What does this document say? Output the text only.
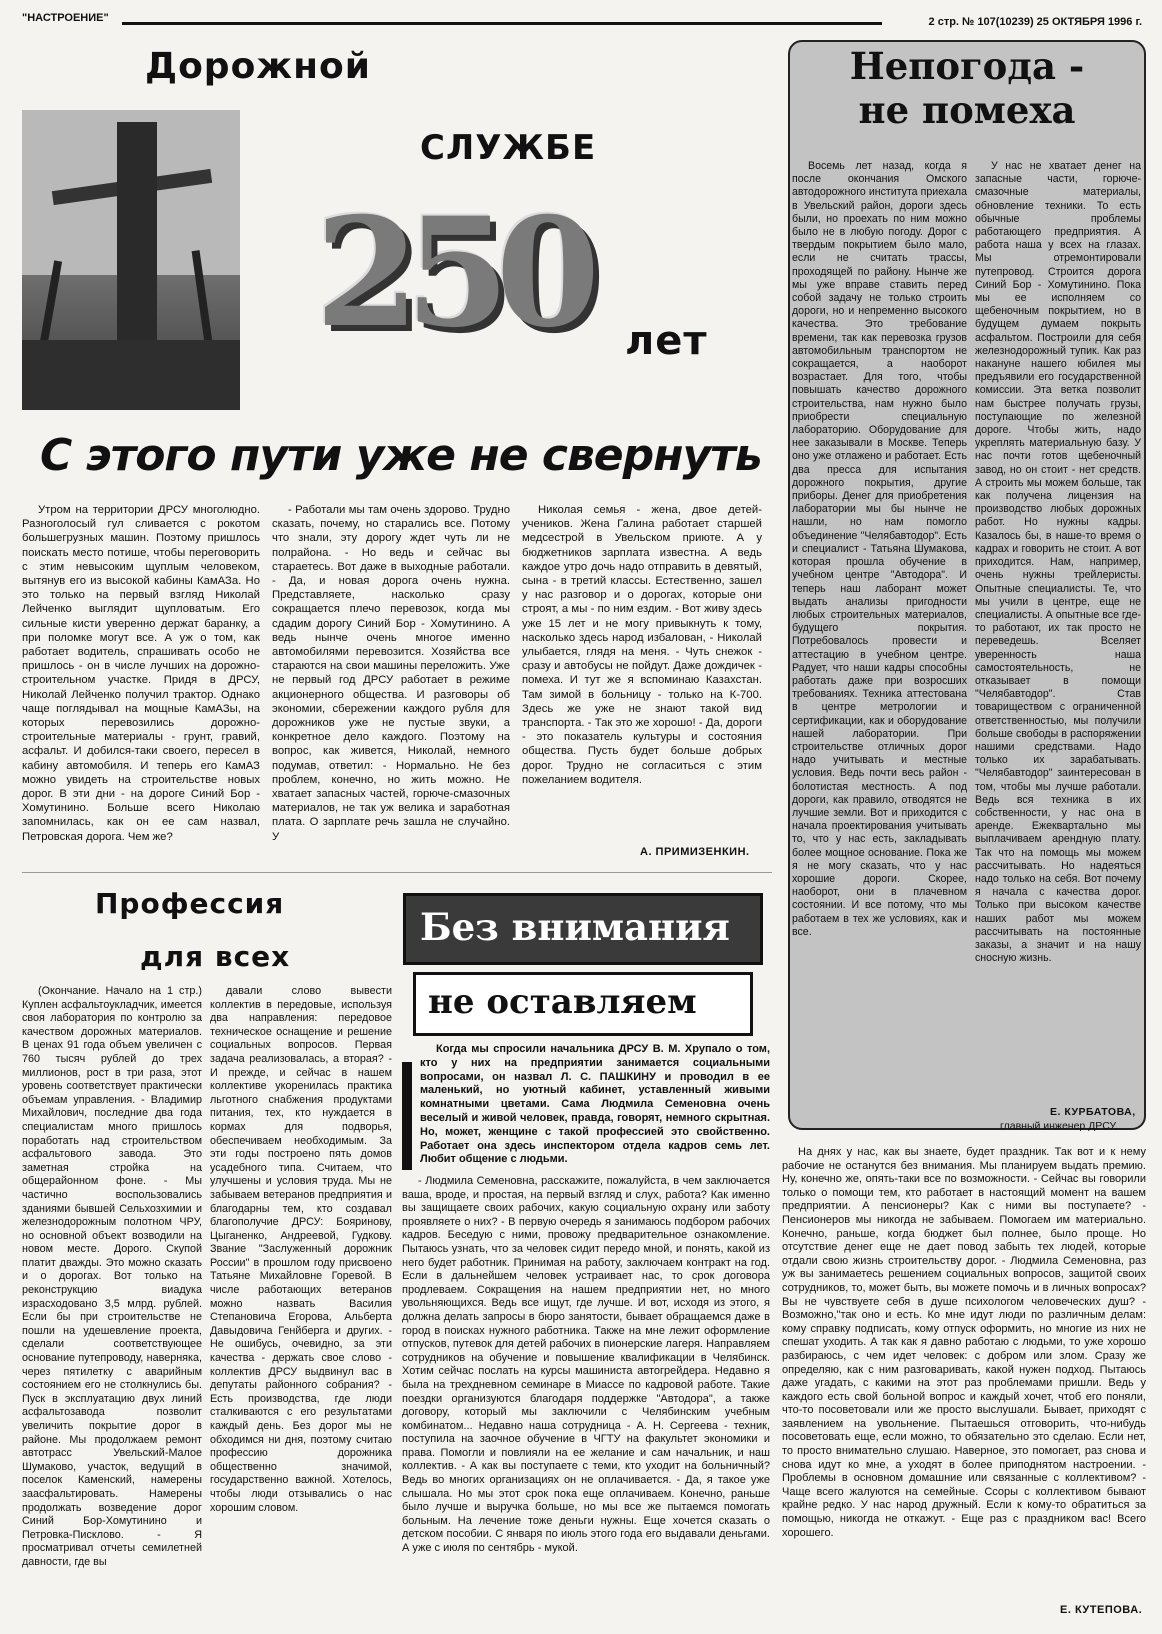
"НАСТРОЕНИЕ"	2 стр. № 107(10239) 25 ОКТЯБРЯ 1996 г.
Дорожной
СЛУЖБЕ
250 лет
С этого пути уже не свернуть

Утром на территории ДРСУ многолюдно. Разноголосый гул сливается с рокотом большегрузных машин. Поэтому пришлось поискать место потише, чтобы переговорить с этим невысоким щуплым человеком, вытянув его из высокой кабины КамАЗа. Но это только на первый взгляд Николай Лейченко выглядит щупловатым. Его сильные кисти уверенно держат баранку, а при поломке могут все. А уж о том, как работает водитель, спрашивать особо не пришлось - он в числе лучших на дорожно-строительном участке. Придя в ДРСУ, Николай Лейченко получил трактор. Однако чаще поглядывал на мощные КамАЗы, на которых перевозились дорожно-строительные материалы - грунт, гравий, асфальт. И добился-таки своего, пересел в кабину автомобиля. И теперь его КамАЗ можно увидеть на строительстве новых дорог. В эти дни - на дороге Синий Бор - Хомутинино. Больше всего Николаю запомнилась, как он ее сам назвал, Петровская дорога. Чем же?

- Работали мы там очень здорово. Трудно сказать, почему, но старались все. Потому что знали, эту дорогу ждет чуть ли не полрайона. - Но ведь и сейчас вы стараетесь. Вот даже в выходные работали. - Да, и новая дорога очень нужна. Представляете, насколько сразу сокращается плечо перевозок, когда мы сдадим дорогу Синий Бор - Хомутинино. А ведь нынче очень многое именно автомобилями перевозится. Хозяйства все стараются на свои машины переложить. Уже не первый год ДРСУ работает в режиме акционерного общества. И разговоры об экономии, сбережении каждого рубля для дорожников уже не пустые звуки, а конкретное дело каждого. Поэтому на вопрос, как живется, Николай, немного подумав, ответил: - Нормально. Не без проблем, конечно, но жить можно. Не хватает запасных частей, горюче-смазочных материалов, не так уж велика и заработная плата. О зарплате речь зашла не случайно. У

Николая семья - жена, двое детей-учеников. Жена Галина работает старшей медсестрой в Увельском приюте. А у бюджетников зарплата известна. А ведь каждое утро дочь надо отправить в девятый, сына - в третий классы. Естественно, зашел у нас разговор и о дорогах, которые они строят, а мы - по ним ездим. - Вот живу здесь уже 15 лет и не могу привыкнуть к тому, насколько здесь народ избалован, - Николай улыбается, глядя на меня. - Чуть снежок - сразу и автобусы не пойдут. Даже дождичек - помеха. И тут же я вспоминаю Казахстан. Там зимой в больницу - только на К-700. Здесь же уже не знают такой вид транспорта. - Так это же хорошо! - Да, дороги - это показатель культуры и состояния общества. Пусть будет больше добрых дорог. Трудно не согласиться с этим пожеланием водителя.

А. ПРИМИЗЕНКИН.
Непогода -
не помеха

Восемь лет назад, когда я после окончания Омского автодорожного института приехала в Увельский район, дороги здесь были, но проехать по ним можно было не в любую погоду. Дорог с твердым покрытием было мало, если не считать трассы, проходящей по району. Нынче же мы уже вправе ставить перед собой задачу не только строить дороги, но и непременно высокого качества. Это требование времени, так как перевозка грузов автомобильным транспортом не сокращается, а наоборот возрастает. Для того, чтобы повышать качество дорожного строительства, нам нужно было приобрести специальную лабораторию. Оборудование для нее заказывали в Москве. Теперь оно уже отлажено и работает. Есть два пресса для испытания дорожного покрытия, другие приборы. Денег для приобретения лаборатории мы бы нынче не нашли, но нам помогло объединение "Челябавтодор". Есть и специалист - Татьяна Шумакова, которая прошла обучение в учебном центре "Автодора". И теперь наш лаборант может выдать анализы пригодности любых строительных материалов, будущего покрытия. Потребовалось провести и аттестацию в учебном центре. Радует, что наши кадры способны работать даже при возросших требованиях. Техника аттестована в центре метрологии и сертификации, как и оборудование нашей лаборатории. При строительстве отличных дорог надо учитывать и местные условия. Ведь почти весь район - болотистая местность. А под дороги, как правило, отводятся не лучшие земли. Вот и приходится с начала проектирования учитывать то, что у нас есть, закладывать более мощное основание. Пока же я не могу сказать, что у нас хорошие дороги. Скорее, наоборот, они в плачевном состоянии. И все потому, что мы работаем в тех же условиях, как и все.

У нас не хватает денег на запасные части, горюче-смазочные материалы, обновление техники. То есть обычные проблемы работающего предприятия. А работа наша у всех на глазах. Мы отремонтировали путепровод. Строится дорога Синий Бор - Хомутинино. Пока мы ее исполняем со щебеночным покрытием, но в будущем думаем покрыть асфальтом. Построили для себя железнодорожный тупик. Как раз накануне нашего юбилея мы предъявили его государственной комиссии. Эта ветка позволит нам быстрее получать грузы, поступающие по железной дороге. Чтобы жить, надо укреплять материальную базу. У нас почти готов щебеночный завод, но он стоит - нет средств. А строить мы можем больше, так как получена лицензия на производство любых дорожных работ. Но нужны кадры. Казалось бы, в наше-то время о кадрах и говорить не стоит. А вот приходится. Нам, например, очень нужны трейлеристы. Опытные специалисты. Те, что мы учили в центре, еще не специалисты. А опытные все где-то работают, их так просто не переведешь. Вселяет уверенность наша самостоятельность, не отказывает в помощи "Челябавтодор". Став товариществом с ограниченной ответственностью, мы получили больше свободы в распоряжении нашими средствами. Надо только их зарабатывать. "Челябавтодор" заинтересован в том, чтобы мы лучше работали. Ведь вся техника в их собственности, у нас она в аренде. Ежеквартально мы выплачиваем арендную плату. Так что на помощь мы можем рассчитывать. Но надеяться надо только на себя. Вот почему я начала с качества дорог. Только при высоком качестве наших работ мы можем рассчитывать на постоянные заказы, а значит и на нашу сносную жизнь.

Е. КУРБАТОВА,
главный инженер ДРСУ.
Профессия
для всех

(Окончание. Начало на 1 стр.) Куплен асфальтоукладчик, имеется своя лаборатория по контролю за качеством дорожных материалов. В ценах 91 года объем увеличен с 760 тысяч рублей до трех миллионов, рост в три раза, этот уровень соответствует практически объемам управления. - Владимир Михайлович, последние два года специалистам много пришлось поработать над строительством асфальтового завода. Это заметная стройка на общерайонном фоне. - Мы частично воспользовались зданиями бывшей Сельхозхимии и железнодорожным полотном ЧРУ, но основной объект возводили на новом месте. Дорого. Скупой платит дважды. Это можно сказать и о дорогах. Вот только на реконструкцию виадука израсходовано 3,5 млрд. рублей. Если бы при строительстве не пошли на удешевление проекта, сделали соответствующее основание путепроводу, наверняка, через пятилетку с аварийным состоянием его не столкнулись бы. Пуск в эксплуатацию двух линий асфальтозавода позволит увеличить покрытие дорог в районе. Мы продолжаем ремонт автотрасс Увельский-Малое Шумаково, участок, ведущий в поселок Каменский, намерены заасфальтировать. Намерены продолжать возведение дорог Синий Бор-Хомутинино и Петровка-Писклово. - Я просматривал отчеты семилетней давности, где вы

давали слово вывести коллектив в передовые, используя два направления: передовое техническое оснащение и решение социальных вопросов. Первая задача реализовалась, а вторая? - И прежде, и сейчас в нашем коллективе укоренилась практика льготного снабжения продуктами питания, тех, кто нуждается в кормах для подворья, обеспечиваем необходимым. За эти годы построено пять домов усадебного типа. Считаем, что улучшены и условия труда. Мы не забываем ветеранов предприятия и благодарны тем, кто создавал благополучие ДРСУ: Бояринову, Цыганенко, Андреевой, Гудкову. Звание "Заслуженный дорожник России" в прошлом году присвоено Татьяне Михайловне Горевой. В числе работающих ветеранов можно назвать Василия Степановича Егорова, Альберта Давыдовича Генйберга и других. - Не ошибусь, очевидно, за эти качества - держать свое слово - коллектив ДРСУ выдвинул вас в депутаты районного собрания? - Есть производства, где люди сталкиваются с его результатами каждый день. Без дорог мы не обходимся ни дня, поэтому считаю профессию дорожника общественно значимой, государственно важной. Хотелось, чтобы люди отзывались о нас хорошим словом.

Без внимания
не оставляем

Когда мы спросили начальника ДРСУ В. М. Хрупало о том, кто у них на предприятии занимается социальными вопросами, он назвал Л. С. ПАШКИНУ и проводил в ее маленький, но уютный кабинет, уставленный живыми комнатными цветами. Сама Людмила Семеновна очень веселый и живой человек, правда, говорят, немного скрытная. Но, может, женщине с такой профессией это свойственно. Работает она здесь инспектором отдела кадров семь лет. Любит общение с людьми.

- Людмила Семеновна, расскажите, пожалуйста, в чем заключается ваша, вроде, и простая, на первый взгляд и слух, работа? Как именно вы защищаете своих рабочих, какую социальную охрану или заботу проявляете о них? - В первую очередь я занимаюсь подбором рабочих кадров. Беседую с ними, провожу предварительное ознакомление. Пытаюсь узнать, что за человек сидит передо мной, и понять, какой из него будет работник. Принимая на работу, заключаем контракт на год. Если в дальнейшем человек устраивает нас, то срок договора продлеваем. Сокращения на нашем предприятии нет, но много увольняющихся. Ведь все ищут, где лучше. И вот, исходя из этого, я должна делать запросы в бюро занятости, бывает обращаемся даже в город в поисках нужного работника. Также на мне лежит оформление отпусков, путевок для детей рабочих в пионерские лагеря. Направляем сотрудников на обучение и повышение квалификации в Челябинск. Хотим сейчас послать на курсы машиниста автогрейдера. Недавно я была на трехдневном семинаре в Миассе по кадровой работе. Такие поездки организуются благодаря поддержке "Автодора", а также договору, который мы заключили с Челябинским учебным комбинатом... Недавно наша сотрудница - А. Н. Сергеева - техник, поступила на заочное обучение в ЧГТУ на факультет экономики и права. Помогли и повлияли на ее желание и сам начальник, и наш коллектив. - А как вы поступаете с теми, кто уходит на больничный? Ведь во многих организациях он не оплачивается. - Да, я такое уже слышала. Но мы этот срок пока еще оплачиваем. Конечно, раньше было лучше и выручка больше, но мы все же пытаемся помогать больным. На лечение тоже деньги нужны. Еще хочется сказать о детском пособии. С января по июль этого года его выдавали деньгами. А уже с июля по сентябрь - мукой.

На днях у нас, как вы знаете, будет праздник. Так вот и к нему рабочие не останутся без внимания. Мы планируем выдать премию. Ну, конечно же, опять-таки все по возможности. - Сейчас вы говорили только о помощи тем, кто работает в настоящий момент на вашем предприятии. А пенсионеры? Как с ними вы поступаете? - Пенсионеров мы никогда не забываем. Помогаем им материально. Конечно, раньше, когда бюджет был полнее, было проще. Но отсутствие денег еще не дает повод забыть тех людей, которые отдали свою жизнь строительству дорог. - Людмила Семеновна, раз уж вы занимаетесь решением социальных вопросов, защитой своих сотрудников, то, может быть, вы можете помочь и в личных вопросах? Вы не чувствуете себя в душе психологом человеческих душ? - Возможно,"так оно и есть. Ко мне идут люди по различным делам: кому справку подписать, кому отпуск оформить, но многие из них не спешат уходить. А так как я давно работаю с людьми, то уже хорошо разбираюсь, с чем идет человек: с добром или злом. Сразу же определяю, как с ним разговаривать, какой нужен подход. Пытаюсь даже угадать, с какими на этот раз проблемами пришли. Ведь у каждого есть свой больной вопрос и каждый хочет, чтоб его поняли, что-то посоветовали или же просто выслушали. Бывает, приходят с заявлением на увольнение. Пытаешься отговорить, что-нибудь посоветовать еще, если можно, то обязательно это сделаю. Если нет, то просто внимательно слушаю. Наверное, это помогает, раз снова и снова идут ко мне, а уходят в более приподнятом настроении. - Проблемы в основном домашние или связанные с коллективом? - Чаще всего жалуются на семейные. Ссоры с коллективом бывают крайне редко. У нас народ дружный. Если к кому-то обратиться за помощью, никогда не откажут. - Еще раз с праздником вас! Всего хорошего.

Е. КУТЕПОВА.
